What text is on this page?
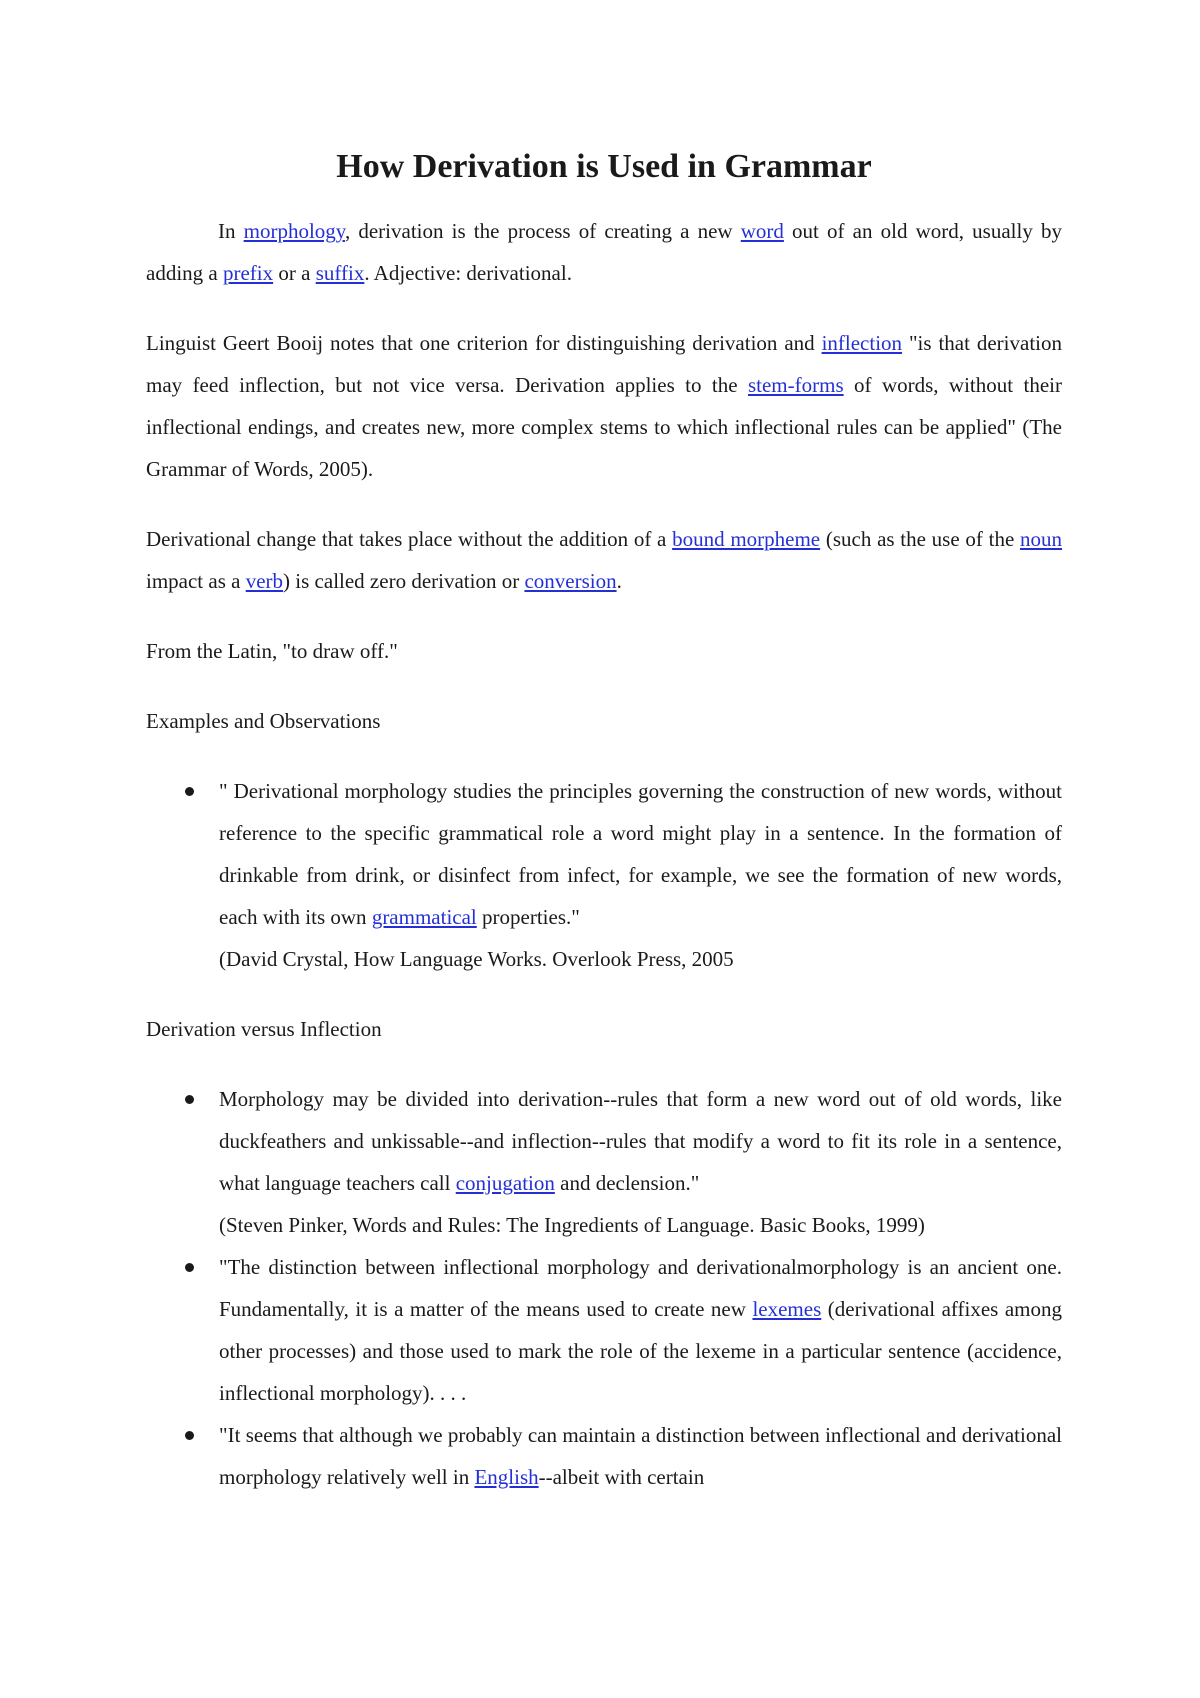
How Derivation is Used in Grammar

In morphology, derivation is the process of creating a new word out of an old word, usually by adding a prefix or a suffix. Adjective: derivational.

Linguist Geert Booij notes that one criterion for distinguishing derivation and inflection "is that derivation may feed inflection, but not vice versa. Derivation applies to the stem-forms of words, without their inflectional endings, and creates new, more complex stems to which inflectional rules can be applied" (The Grammar of Words, 2005).

Derivational change that takes place without the addition of a bound morpheme (such as the use of the noun impact as a verb) is called zero derivation or conversion.

From the Latin, "to draw off."

Examples and Observations

" Derivational morphology studies the principles governing the construction of new words, without reference to the specific grammatical role a word might play in a sentence. In the formation of drinkable from drink, or disinfect from infect, for example, we see the formation of new words, each with its own grammatical properties."
(David Crystal, How Language Works. Overlook Press, 2005

Derivation versus Inflection

Morphology may be divided into derivation--rules that form a new word out of old words, like duckfeathers and unkissable--and inflection--rules that modify a word to fit its role in a sentence, what language teachers call conjugation and declension."
(Steven Pinker, Words and Rules: The Ingredients of Language. Basic Books, 1999)
"The distinction between inflectional morphology and derivationalmorphology is an ancient one. Fundamentally, it is a matter of the means used to create new lexemes (derivational affixes among other processes) and those used to mark the role of the lexeme in a particular sentence (accidence, inflectional morphology). . . .
"It seems that although we probably can maintain a distinction between inflectional and derivational morphology relatively well in English--albeit with certain
